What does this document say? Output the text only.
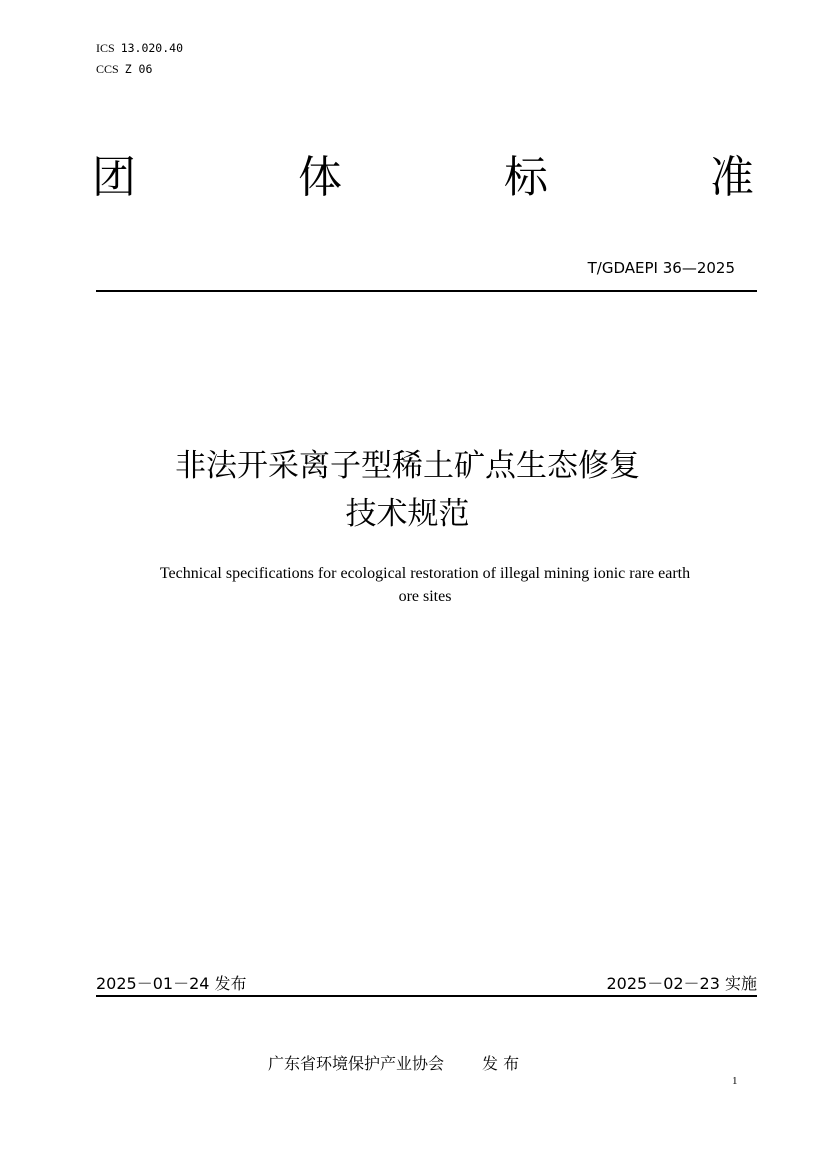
ICS 13.020.40
CCS Z 06
团	体	标	准
T/GDAEPI 36—2025
非法开采离子型稀土矿点生态修复
技术规范
Technical specifications for ecological restoration of illegal mining ionic rare earth
ore sites
2025－01－24 发布	2025－02－23 实施
广东省环境保护产业协会 发 布
1
